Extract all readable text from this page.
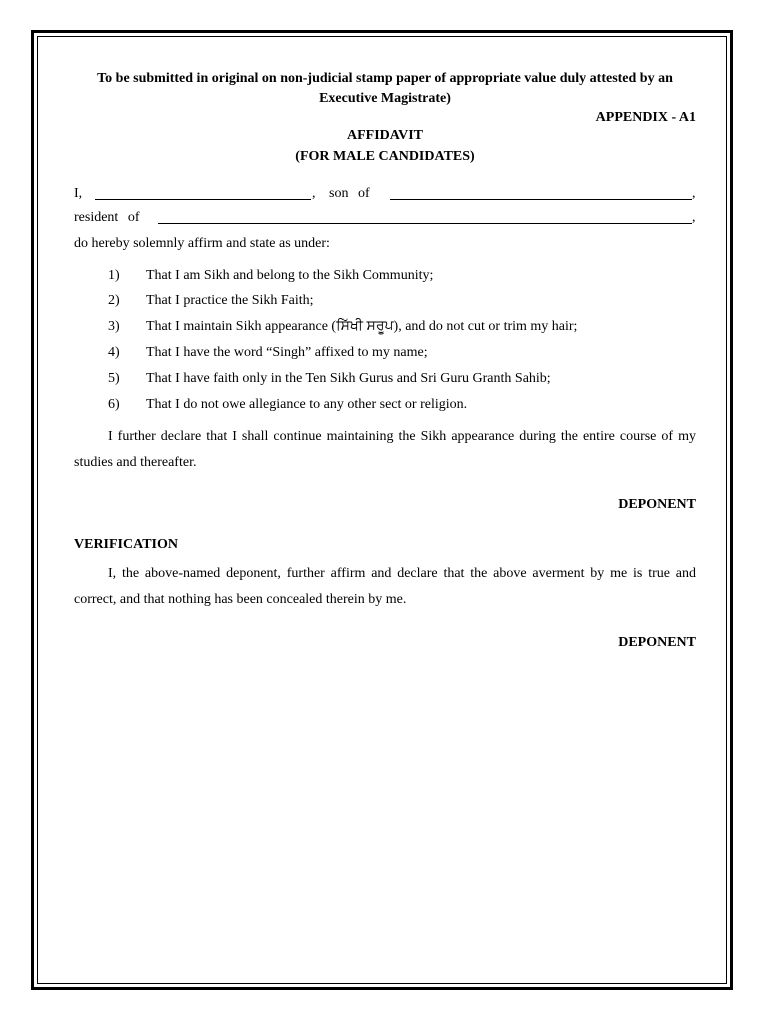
To be submitted in original on non-judicial stamp paper of appropriate value duly attested by an Executive Magistrate)
APPENDIX - A1
AFFIDAVIT
(FOR MALE CANDIDATES)
I,	, son of	,
resident of	,
do hereby solemnly affirm and state as under:
1) That I am Sikh and belong to the Sikh Community;
2) That I practice the Sikh Faith;
3) That I maintain Sikh appearance (ਸਿੱਖੀ ਸਰੂਪ), and do not cut or trim my hair;
4) That I have the word “Singh” affixed to my name;
5) That I have faith only in the Ten Sikh Gurus and Sri Guru Granth Sahib;
6) That I do not owe allegiance to any other sect or religion.
I further declare that I shall continue maintaining the Sikh appearance during the entire course of my studies and thereafter.
DEPONENT
VERIFICATION
I, the above-named deponent, further affirm and declare that the above averment by me is true and correct, and that nothing has been concealed therein by me.
DEPONENT
